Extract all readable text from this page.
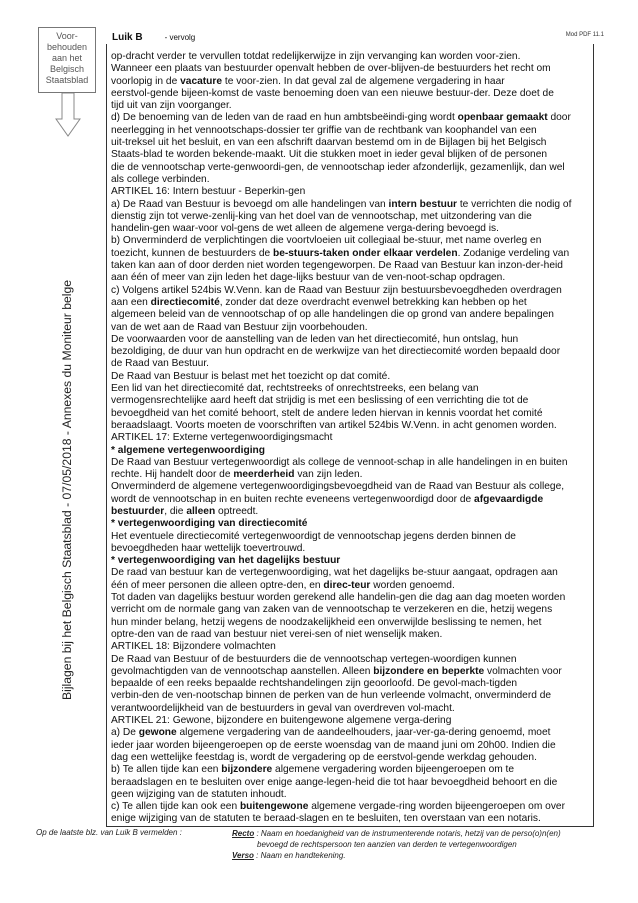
Mod PDF 11.1
Voor-
behouden
aan het
Belgisch
Staatsblad
Bijlagen bij het Belgisch Staatsblad - 07/05/2018 - Annexes du Moniteur belge
Luik B	- vervolg

op-dracht verder te vervullen totdat redelijkerwijze in zijn vervanging kan worden voor-zien.

Wanneer een plaats van bestuurder openvalt hebben de over-blijven-de bestuurders het recht om

voorlopig in de vacature te voor-zien. In dat geval zal de algemene vergadering in haar

eerstvol-gende bijeen-komst de vaste benoeming doen van een nieuwe bestuur-der. Deze doet de

tijd uit van zijn voorganger.

d) De benoeming van de leden van de raad en hun ambtsbeëindi-ging wordt openbaar gemaakt door

neerlegging in het vennootschaps-dossier ter griffie van de rechtbank van koophandel van een

uit-treksel uit het besluit, en van een afschrift daarvan bestemd om in de Bijlagen bij het Belgisch

Staats-blad te worden bekende-maakt. Uit die stukken moet in ieder geval blijken of de personen

die de vennootschap verte-genwoordi-gen, de vennootschap ieder afzonderlijk, gezamenlijk, dan wel

als college verbinden.

ARTIKEL 16: Intern bestuur - Beperkin-gen

a) De Raad van Bestuur is bevoegd om alle handelingen van intern bestuur te verrichten die nodig of

dienstig zijn tot verwe-zenlij-king van het doel van de vennootschap, met uitzondering van die

handelin-gen waar-voor vol-gens de wet alleen de algemene verga-dering bevoegd is.

b) Onverminderd de verplichtingen die voortvloeien uit collegiaal be-stuur, met name overleg en

toezicht, kunnen de bestuurders de be-stuurs-taken onder elkaar verdelen. Zodanige verdeling van

taken kan aan of door derden niet worden tegengeworpen. De Raad van Bestuur kan inzon-der-heid

aan één of meer van zijn leden het dage-lijks bestuur van de ven-noot-schap opdragen.

c) Volgens artikel 524bis W.Venn. kan de Raad van Bestuur zijn bestuursbevoegdheden overdragen

aan een directiecomité, zonder dat deze overdracht evenwel betrekking kan hebben op het

algemeen beleid van de vennootschap of op alle handelingen die op grond van andere bepalingen

van de wet aan de Raad van Bestuur zijn voorbehouden.

De voorwaarden voor de aanstelling van de leden van het directiecomité, hun ontslag, hun

bezoldiging, de duur van hun opdracht en de werkwijze van het directiecomité worden bepaald door

de Raad van Bestuur.

De Raad van Bestuur is belast met het toezicht op dat comité.

Een lid van het directiecomité dat, rechtstreeks of onrechtstreeks, een belang van

vermogensrechtelijke aard heeft dat strijdig is met een beslissing of een verrichting die tot de

bevoegdheid van het comité behoort, stelt de andere leden hiervan in kennis voordat het comité

beraadslaagt. Voorts moeten de voorschriften van artikel 524bis W.Venn. in acht genomen worden.

ARTIKEL 17: Externe vertegenwoordigingsmacht

* algemene vertegenwoordiging

De Raad van Bestuur vertegenwoordigt als college de vennoot-schap in alle handelingen in en buiten

rechte. Hij handelt door de meerderheid van zijn leden.

Onverminderd de algemene vertegenwoordigingsbevoegdheid van de Raad van Bestuur als college,

wordt de vennootschap in en buiten rechte eveneens vertegenwoordigd door de afgevaardigde

bestuurder, die alleen optreedt.

* vertegenwoordiging van directiecomité

Het eventuele directiecomité vertegenwoordigt de vennootschap jegens derden binnen de

bevoegdheden haar wettelijk toevertrouwd.

* vertegenwoordiging van het dagelijks bestuur

De raad van bestuur kan de vertegenwoordiging, wat het dagelijks be-stuur aangaat, opdragen aan

één of meer personen die alleen optre-den, en direc-teur worden genoemd.

Tot daden van dagelijks bestuur worden gerekend alle handelin-gen die dag aan dag moeten worden

verricht om de normale gang van zaken van de vennootschap te verzekeren en die, hetzij wegens

hun minder belang, hetzij wegens de noodzakelijkheid een onverwijlde beslissing te nemen, het

optre-den van de raad van bestuur niet verei-sen of niet wenselijk maken.

ARTIKEL 18: Bijzondere volmachten

De Raad van Bestuur of de bestuurders die de vennootschap vertegen-woordigen kunnen

gevolmachtigden van de vennootschap aanstellen. Alleen bijzondere en beperkte volmachten voor

bepaalde of een reeks bepaalde rechtshandelingen zijn geoorloofd. De gevol-mach-tigden

verbin-den de ven-nootschap binnen de perken van de hun verleende volmacht, onverminderd de

verantwoordelijkheid van de bestuurders in geval van overdreven vol-macht.

ARTIKEL 21: Gewone, bijzondere en buitengewone algemene verga-dering

a) De gewone algemene vergadering van de aandeelhouders, jaar-ver-ga-dering genoemd, moet

ieder jaar worden bijeengeroepen op de eerste woensdag van de maand juni om 20h00. Indien die

dag een wettelijke feestdag is, wordt de vergadering op de eerstvol-gende werkdag gehouden.

b) Te allen tijde kan een bijzondere algemene vergadering worden bijeengeroepen om te

beraadslagen en te besluiten over enige aange-legen-heid die tot haar bevoegdheid behoort en die

geen wijziging van de statuten inhoudt.

c) Te allen tijde kan ook een buitengewone algemene vergade-ring worden bijeengeroepen om over

enige wijziging van de statuten te beraad-slagen en te besluiten, ten overstaan van een notaris.

Op de laatste blz. van Luik B vermelden :	Recto : Naam en hoedanigheid van de instrumenterende notaris, hetzij van de perso(o)n(en)
bevoegd de rechtspersoon ten aanzien van derden te vertegenwoordigen
Verso : Naam en handtekening.
